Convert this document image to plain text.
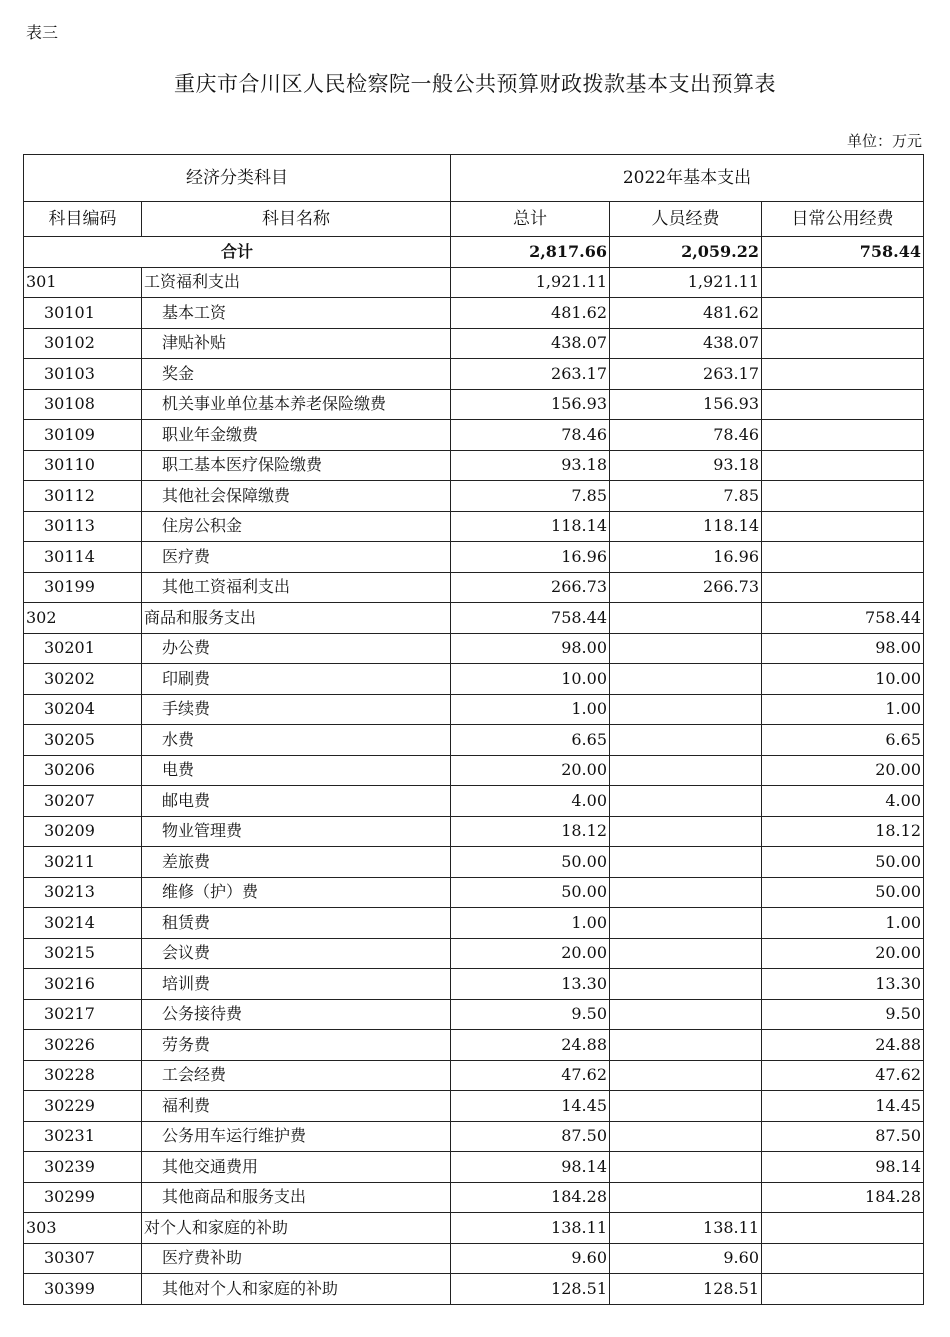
表三
重庆市合川区人民检察院一般公共预算财政拨款基本支出预算表
单位：万元
经济分类科目		2022年基本支出		
科目编码	科目名称	总计	人员经费	日常公用经费
合计		2,817.66	2,059.22	758.44
301	工资福利支出	1,921.11	1,921.11	
30101	基本工资	481.62	481.62	
30102	津贴补贴	438.07	438.07	
30103	奖金	263.17	263.17	
30108	机关事业单位基本养老保险缴费	156.93	156.93	
30109	职业年金缴费	78.46	78.46	
30110	职工基本医疗保险缴费	93.18	93.18	
30112	其他社会保障缴费	7.85	7.85	
30113	住房公积金	118.14	118.14	
30114	医疗费	16.96	16.96	
30199	其他工资福利支出	266.73	266.73	
302	商品和服务支出	758.44		758.44
30201	办公费	98.00		98.00
30202	印刷费	10.00		10.00
30204	手续费	1.00		1.00
30205	水费	6.65		6.65
30206	电费	20.00		20.00
30207	邮电费	4.00		4.00
30209	物业管理费	18.12		18.12
30211	差旅费	50.00		50.00
30213	维修（护）费	50.00		50.00
30214	租赁费	1.00		1.00
30215	会议费	20.00		20.00
30216	培训费	13.30		13.30
30217	公务接待费	9.50		9.50
30226	劳务费	24.88		24.88
30228	工会经费	47.62		47.62
30229	福利费	14.45		14.45
30231	公务用车运行维护费	87.50		87.50
30239	其他交通费用	98.14		98.14
30299	其他商品和服务支出	184.28		184.28
303	对个人和家庭的补助	138.11	138.11	
30307	医疗费补助	9.60	9.60	
30399	其他对个人和家庭的补助	128.51	128.51	
